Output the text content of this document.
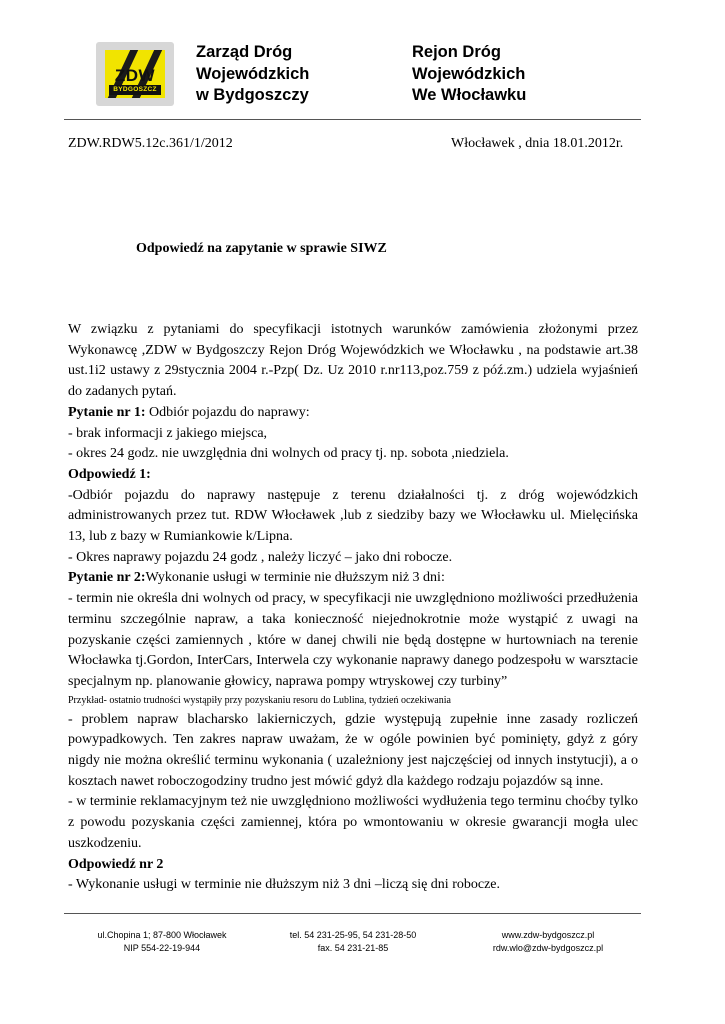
ZDW
BYDGOSZCZ
Zarząd Dróg
Wojewódzkich
w Bydgoszczy
Rejon Dróg
Wojewódzkich
We Włocławku
ZDW.RDW5.12c.361/1/2012	Włocławek , dnia 18.01.2012r.
Odpowiedź na zapytanie w sprawie SIWZ

W związku z pytaniami do specyfikacji istotnych warunków zamówienia złożonymi przez Wykonawcę ,ZDW w Bydgoszczy Rejon Dróg Wojewódzkich we Włocławku , na podstawie art.38 ust.1i2 ustawy z 29stycznia 2004 r.-Pzp( Dz. Uz 2010 r.nr113,poz.759 z póź.zm.) udziela wyjaśnień do zadanych pytań.

Pytanie nr 1: Odbiór pojazdu do naprawy:

- brak informacji z jakiego miejsca,

- okres 24 godz. nie uwzględnia dni wolnych od pracy tj. np. sobota ,niedziela.

Odpowiedź 1:

-Odbiór pojazdu do naprawy następuje z terenu działalności tj. z dróg wojewódzkich administrowanych przez tut. RDW Włocławek ,lub z siedziby bazy we Włocławku ul. Mielęcińska 13, lub z bazy w Rumiankowie k/Lipna.

- Okres naprawy pojazdu 24 godz , należy liczyć – jako dni robocze.

Pytanie nr 2:Wykonanie usługi w terminie nie dłuższym niż 3 dni:

- termin nie określa dni wolnych od pracy, w specyfikacji nie uwzględniono możliwości przedłużenia terminu szczególnie napraw, a taka konieczność niejednokrotnie może wystąpić z uwagi na pozyskanie części zamiennych , które w danej chwili nie będą dostępne w hurtowniach na terenie Włocławka tj.Gordon, InterCars, Interwela czy wykonanie naprawy danego podzespołu w warsztacie specjalnym np. planowanie głowicy, naprawa pompy wtryskowej czy turbiny”

Przykład- ostatnio trudności wystąpiły przy pozyskaniu resoru do Lublina, tydzień oczekiwania

- problem napraw blacharsko lakierniczych, gdzie występują zupełnie inne zasady rozliczeń powypadkowych. Ten zakres napraw uważam, że w ogóle powinien być pominięty, gdyż z góry nigdy nie można określić terminu wykonania ( uzależniony jest najczęściej od innych instytucji), a o kosztach nawet roboczogodziny trudno jest mówić gdyż dla każdego rodzaju pojazdów są inne.

- w terminie reklamacyjnym też nie uwzględniono możliwości wydłużenia tego terminu choćby tylko z powodu pozyskania części zamiennej, która po wmontowaniu w okresie gwarancji mogła ulec uszkodzeniu.

Odpowiedź nr 2

- Wykonanie usługi w terminie nie dłuższym niż 3 dni –liczą się dni robocze.

ul.Chopina 1; 87-800 Włocławek
NIP 554-22-19-944
tel. 54 231-25-95, 54 231-28-50
fax. 54 231-21-85
www.zdw-bydgoszcz.pl
rdw.wlo@zdw-bydgoszcz.pl
